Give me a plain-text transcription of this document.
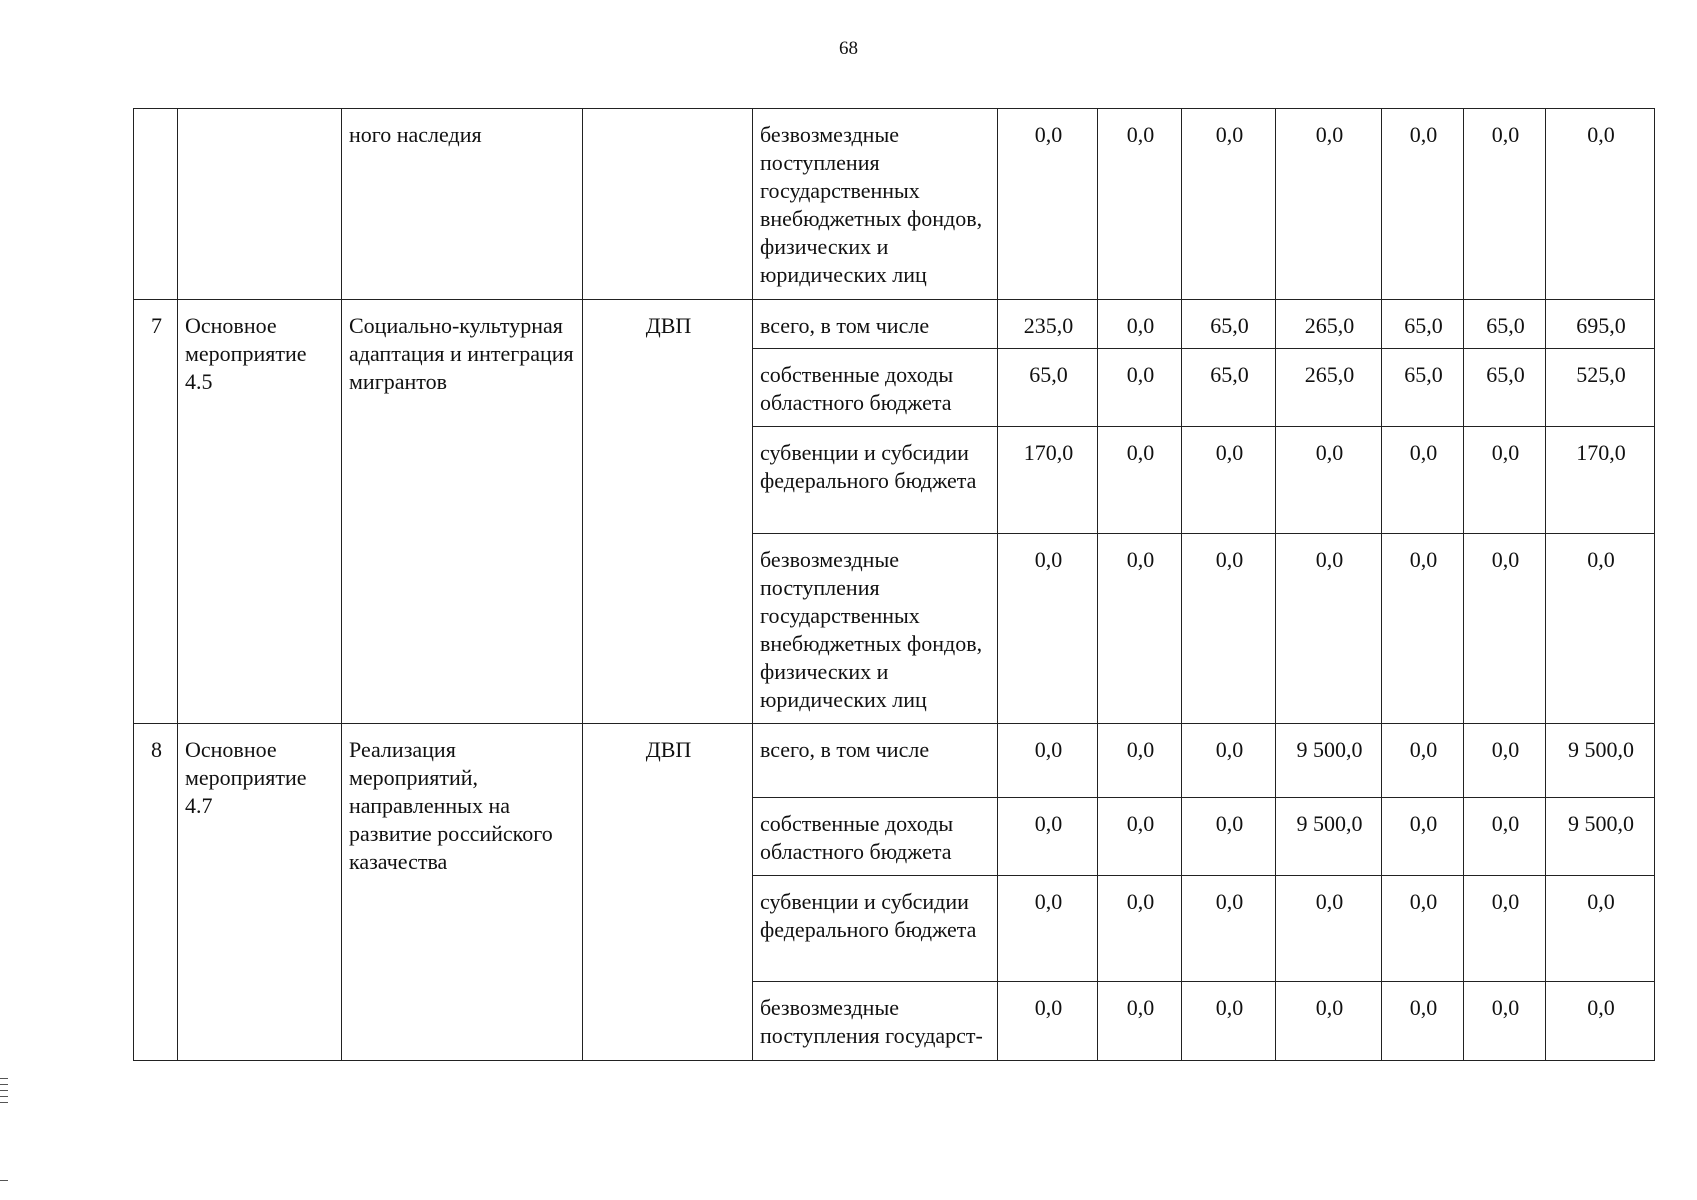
68
		ного наследия		безвозмездные поступления государственных внебюджетных фондов, физических и юридических лиц	0,0	0,0	0,0	0,0	0,0	0,0	0,0
7	Основное мероприятие 4.5	Социально-культурная адаптация и интеграция мигрантов	ДВП	всего, в том числе	235,0	0,0	65,0	265,0	65,0	65,0	695,0
				собственные доходы областного бюджета	65,0	0,0	65,0	265,0	65,0	65,0	525,0
				субвенции и субсидии федерального бюджета	170,0	0,0	0,0	0,0	0,0	0,0	170,0
				безвозмездные поступления государственных внебюджетных фондов, физических и юридических лиц	0,0	0,0	0,0	0,0	0,0	0,0	0,0
8	Основное мероприятие 4.7	Реализация мероприятий, направленных на развитие российского казачества	ДВП	всего, в том числе	0,0	0,0	0,0	9 500,0	0,0	0,0	9 500,0
				собственные доходы областного бюджета	0,0	0,0	0,0	9 500,0	0,0	0,0	9 500,0
				субвенции и субсидии федерального бюджета	0,0	0,0	0,0	0,0	0,0	0,0	0,0
				безвозмездные поступления государст-	0,0	0,0	0,0	0,0	0,0	0,0	0,0
